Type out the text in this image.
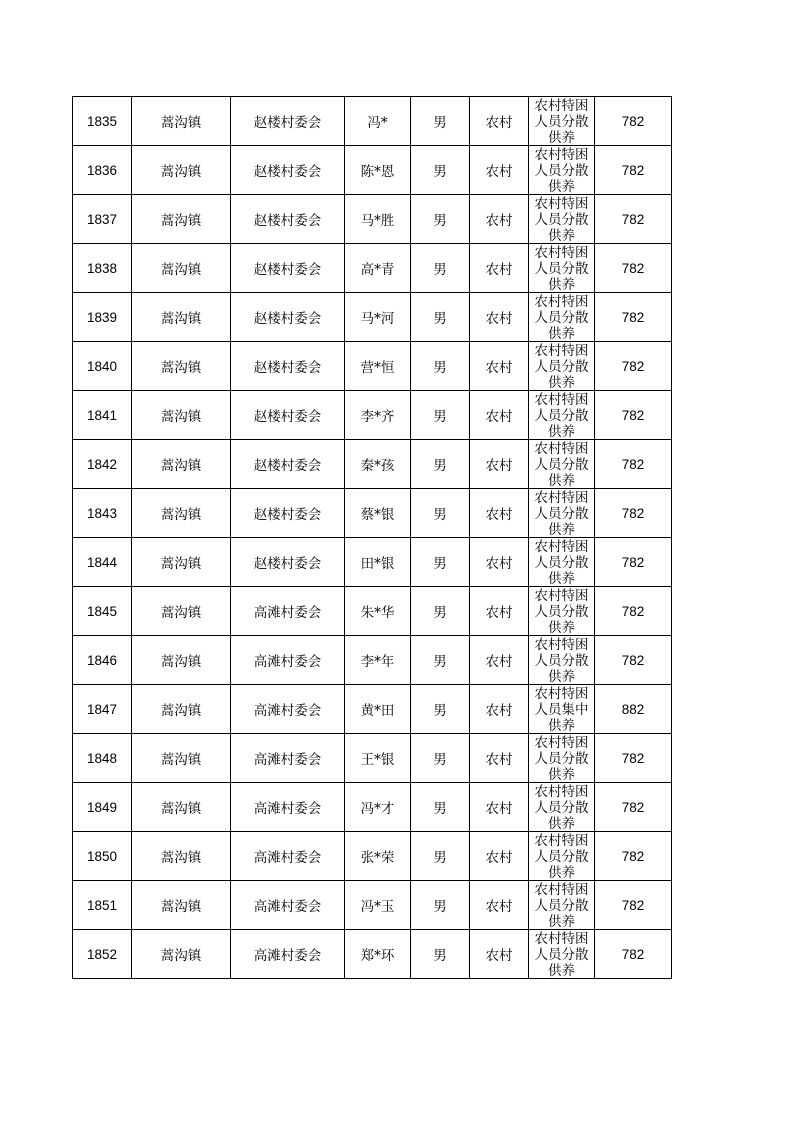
1835	蒿沟镇	赵楼村委会	冯*	男	农村	农村特困人员分散供养	782
1836	蒿沟镇	赵楼村委会	陈*恩	男	农村	农村特困人员分散供养	782
1837	蒿沟镇	赵楼村委会	马*胜	男	农村	农村特困人员分散供养	782
1838	蒿沟镇	赵楼村委会	高*青	男	农村	农村特困人员分散供养	782
1839	蒿沟镇	赵楼村委会	马*河	男	农村	农村特困人员分散供养	782
1840	蒿沟镇	赵楼村委会	营*恒	男	农村	农村特困人员分散供养	782
1841	蒿沟镇	赵楼村委会	李*齐	男	农村	农村特困人员分散供养	782
1842	蒿沟镇	赵楼村委会	秦*孩	男	农村	农村特困人员分散供养	782
1843	蒿沟镇	赵楼村委会	蔡*银	男	农村	农村特困人员分散供养	782
1844	蒿沟镇	赵楼村委会	田*银	男	农村	农村特困人员分散供养	782
1845	蒿沟镇	高滩村委会	朱*华	男	农村	农村特困人员分散供养	782
1846	蒿沟镇	高滩村委会	李*年	男	农村	农村特困人员分散供养	782
1847	蒿沟镇	高滩村委会	黄*田	男	农村	农村特困人员集中供养	882
1848	蒿沟镇	高滩村委会	王*银	男	农村	农村特困人员分散供养	782
1849	蒿沟镇	高滩村委会	冯*才	男	农村	农村特困人员分散供养	782
1850	蒿沟镇	高滩村委会	张*荣	男	农村	农村特困人员分散供养	782
1851	蒿沟镇	高滩村委会	冯*玉	男	农村	农村特困人员分散供养	782
1852	蒿沟镇	高滩村委会	郑*环	男	农村	农村特困人员分散供养	782
